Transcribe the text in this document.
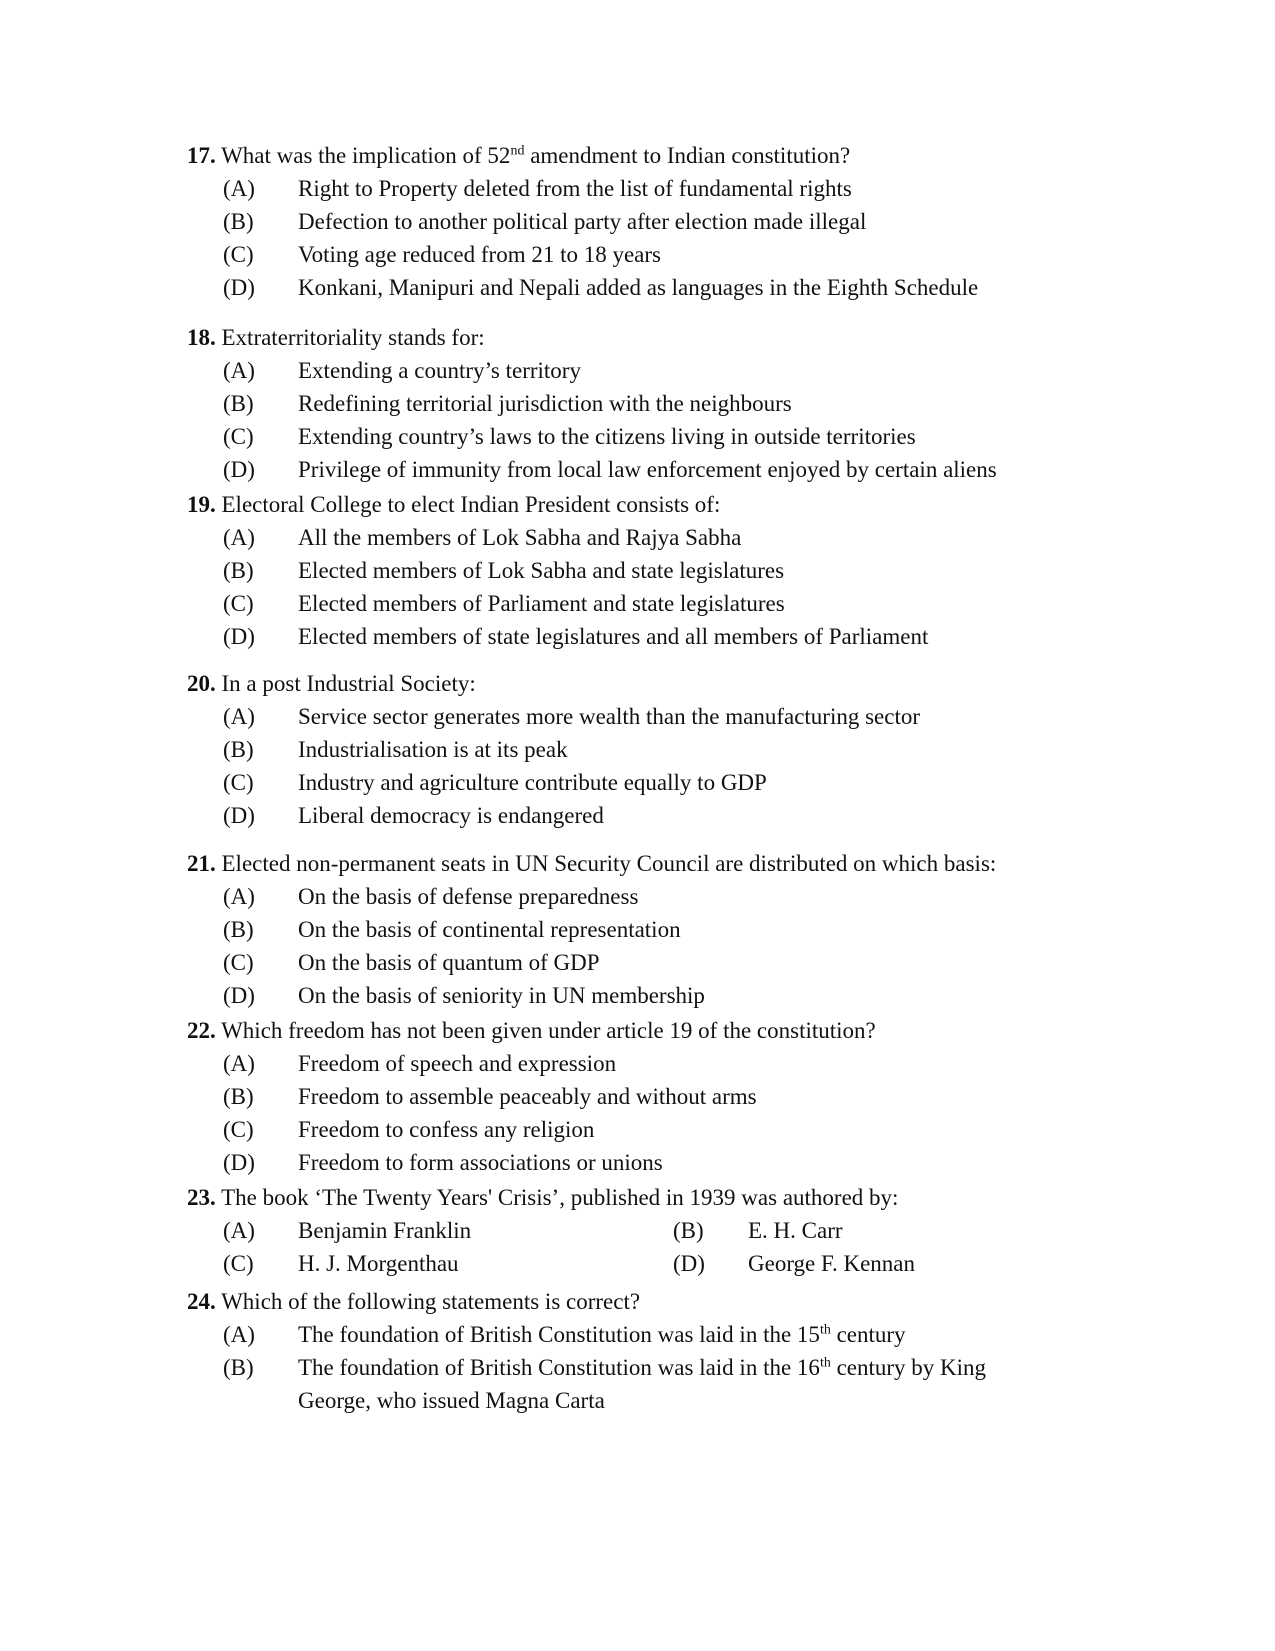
17. What was the implication of 52nd amendment to Indian constitution?
(A) Right to Property deleted from the list of fundamental rights
(B) Defection to another political party after election made illegal
(C) Voting age reduced from 21 to 18 years
(D) Konkani, Manipuri and Nepali added as languages in the Eighth Schedule
18. Extraterritoriality stands for:
(A) Extending a country’s territory
(B) Redefining territorial jurisdiction with the neighbours
(C) Extending country’s laws to the citizens living in outside territories
(D) Privilege of immunity from local law enforcement enjoyed by certain aliens
19. Electoral College to elect Indian President consists of:
(A) All the members of Lok Sabha and Rajya Sabha
(B) Elected members of Lok Sabha and state legislatures
(C) Elected members of Parliament and state legislatures
(D) Elected members of state legislatures and all members of Parliament
20. In a post Industrial Society:
(A) Service sector generates more wealth than the manufacturing sector
(B) Industrialisation is at its peak
(C) Industry and agriculture contribute equally to GDP
(D) Liberal democracy is endangered
21. Elected non-permanent seats in UN Security Council are distributed on which basis:
(A) On the basis of defense preparedness
(B) On the basis of continental representation
(C) On the basis of quantum of GDP
(D) On the basis of seniority in UN membership
22. Which freedom has not been given under article 19 of the constitution?
(A) Freedom of speech and expression
(B) Freedom to assemble peaceably and without arms
(C) Freedom to confess any religion
(D) Freedom to form associations or unions
23. The book ‘The Twenty Years' Crisis’, published in 1939 was authored by:
(A) Benjamin Franklin	(B) E. H. Carr
(C) H. J. Morgenthau	(D) George F. Kennan
24. Which of the following statements is correct?
(A) The foundation of British Constitution was laid in the 15th century
(B) The foundation of British Constitution was laid in the 16th century by King
George, who issued Magna Carta
